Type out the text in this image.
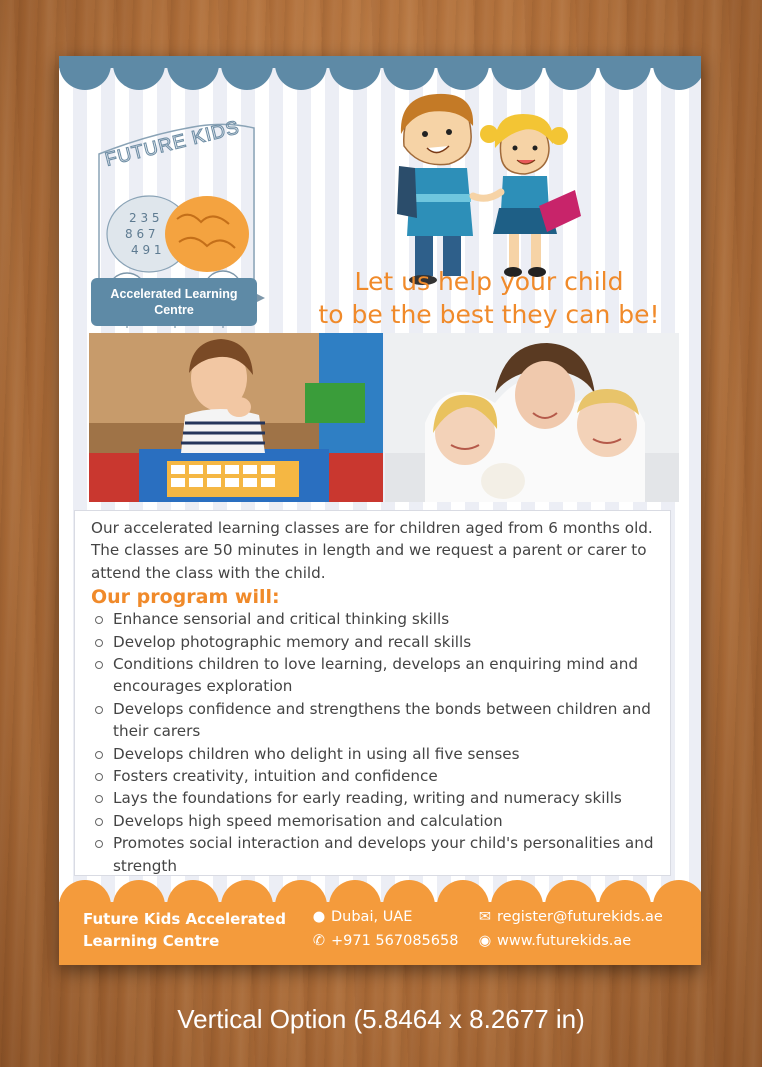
FUTURE KIDS
2 3 5
8 6 7
4 9 1
Accelerated Learning
Centre
Let us help your child
to be the best they can be!

Our accelerated learning classes are for children aged from 6 months old. The classes are 50 minutes in length and we request a parent or carer to attend the class with the child.

Our program will:
Enhance sensorial and critical thinking skills
Develop photographic memory and recall skills
Conditions children to love learning, develops an enquiring mind and encourages exploration
Develops confidence and strengthens the bonds between children and their carers
Develops children who delight in using all five senses
Fosters creativity, intuition and confidence
Lays the foundations for early reading, writing and numeracy skills
Develops high speed memorisation and calculation
Promotes social interaction and develops your child's personalities and strength
Future Kids Accelerated Learning Centre
● Dubai, UAE
✆ +971 567085658
✉ register@futurekids.ae
◉ www.futurekids.ae
Vertical Option (5.8464 x 8.2677 in)
